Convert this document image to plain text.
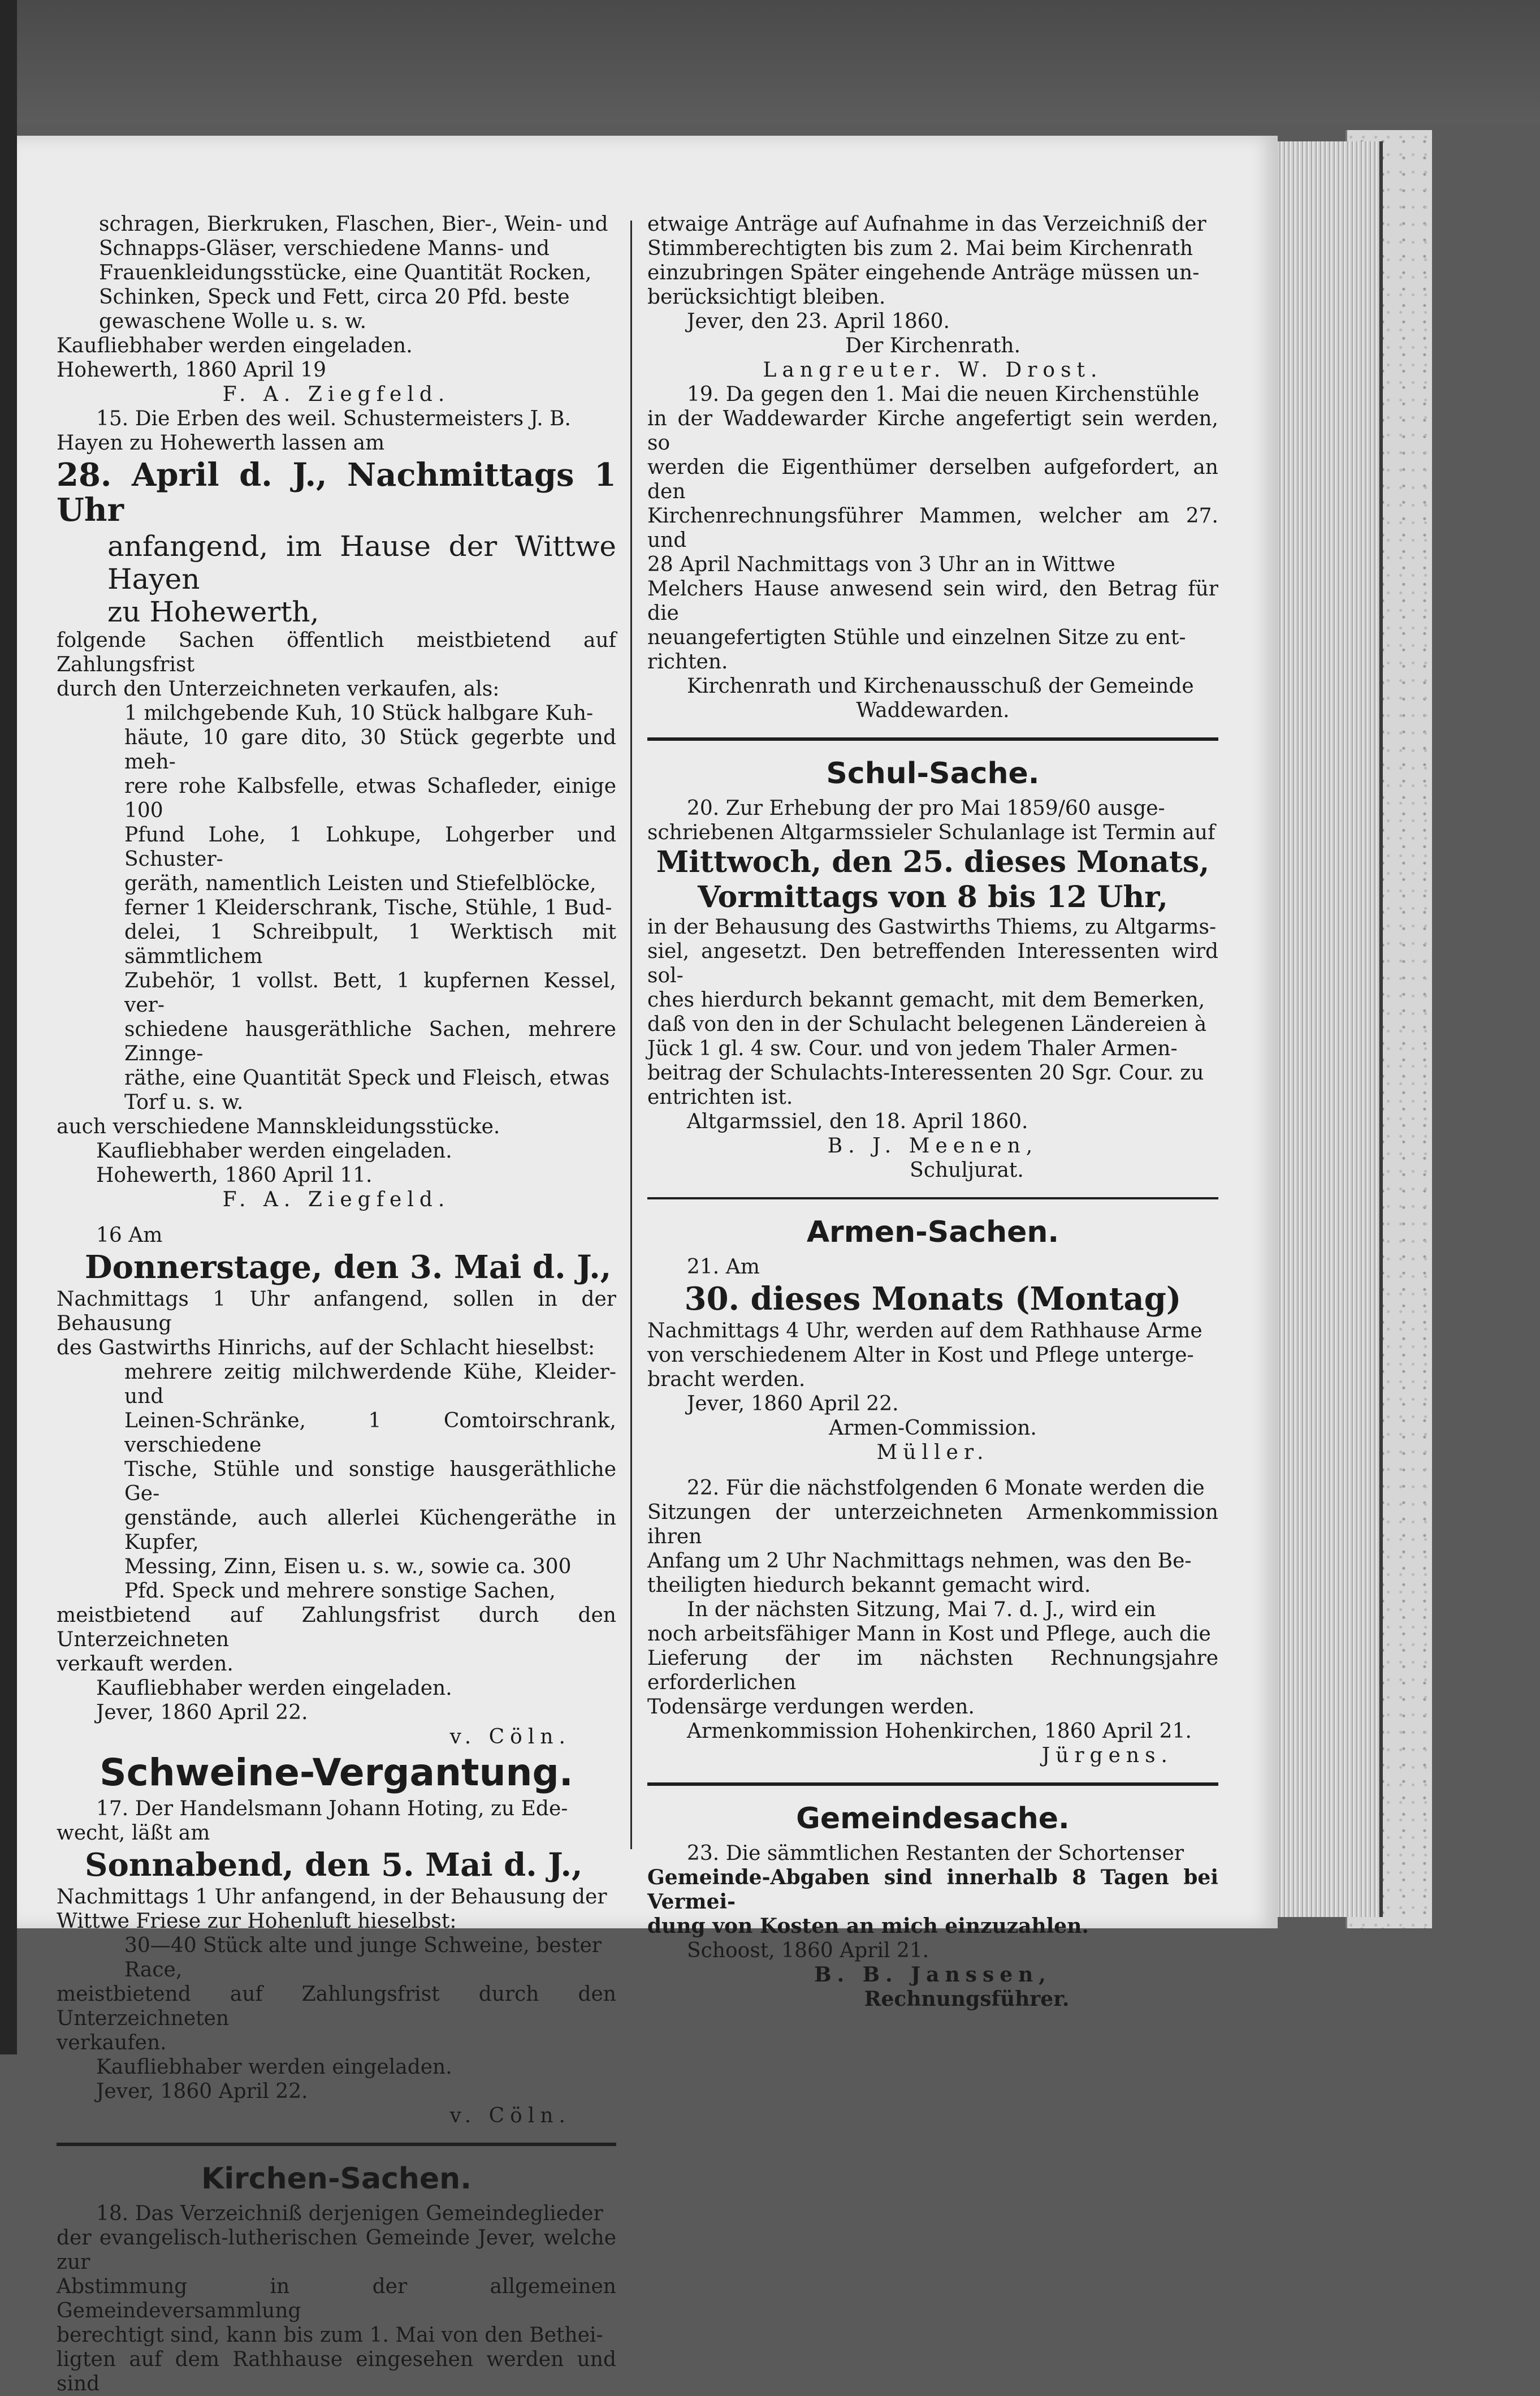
schragen, Bierkruken, Flaschen, Bier-, Wein- und

Schnapps-Gläser, verschiedene Manns- und

Frauenkleidungsstücke, eine Quantität Rocken,

Schinken, Speck und Fett, circa 20 Pfd. beste

gewaschene Wolle u. s. w.

Kaufliebhaber werden eingeladen.

Hohewerth, 1860 April 19

F. A. Ziegfeld.

15. Die Erben des weil. Schustermeisters J. B.

Hayen zu Hohewerth lassen am

28. April d. J., Nachmittags 1 Uhr

anfangend, im Hause der Wittwe Hayen

zu Hohewerth,

folgende Sachen öffentlich meistbietend auf Zahlungsfrist

durch den Unterzeichneten verkaufen, als:

1 milchgebende Kuh, 10 Stück halbgare Kuh-

häute, 10 gare dito, 30 Stück gegerbte und meh-

rere rohe Kalbsfelle, etwas Schafleder, einige 100

Pfund Lohe, 1 Lohkupe, Lohgerber und Schuster-

geräth, namentlich Leisten und Stiefelblöcke,

ferner 1 Kleiderschrank, Tische, Stühle, 1 Bud-

delei, 1 Schreibpult, 1 Werktisch mit sämmtlichem

Zubehör, 1 vollst. Bett, 1 kupfernen Kessel, ver-

schiedene hausgeräthliche Sachen, mehrere Zinnge-

räthe, eine Quantität Speck und Fleisch, etwas

Torf u. s. w.

auch verschiedene Mannskleidungsstücke.

Kaufliebhaber werden eingeladen.

Hohewerth, 1860 April 11.

F. A. Ziegfeld.

16 Am

Donnerstage, den 3. Mai d. J.,

Nachmittags 1 Uhr anfangend, sollen in der Behausung

des Gastwirths Hinrichs, auf der Schlacht hieselbst:

mehrere zeitig milchwerdende Kühe, Kleider- und

Leinen-Schränke, 1 Comtoirschrank, verschiedene

Tische, Stühle und sonstige hausgeräthliche Ge-

genstände, auch allerlei Küchengeräthe in Kupfer,

Messing, Zinn, Eisen u. s. w., sowie ca. 300

Pfd. Speck und mehrere sonstige Sachen,

meistbietend auf Zahlungsfrist durch den Unterzeichneten

verkauft werden.

Kaufliebhaber werden eingeladen.

Jever, 1860 April 22.

v. Cöln.

Schweine-Vergantung.

17. Der Handelsmann Johann Hoting, zu Ede-

wecht, läßt am

Sonnabend, den 5. Mai d. J.,

Nachmittags 1 Uhr anfangend, in der Behausung der

Wittwe Friese zur Hohenluft hieselbst:

30—40 Stück alte und junge Schweine, bester

Race,

meistbietend auf Zahlungsfrist durch den Unterzeichneten

verkaufen.

Kaufliebhaber werden eingeladen.

Jever, 1860 April 22.

v. Cöln.

Kirchen-Sachen.

18. Das Verzeichniß derjenigen Gemeindeglieder

der evangelisch-lutherischen Gemeinde Jever, welche zur

Abstimmung in der allgemeinen Gemeindeversammlung

berechtigt sind, kann bis zum 1. Mai von den Bethei-

ligten auf dem Rathhause eingesehen werden und sind

etwaige Anträge auf Aufnahme in das Verzeichniß der

Stimmberechtigten bis zum 2. Mai beim Kirchenrath

einzubringen Später eingehende Anträge müssen un-

berücksichtigt bleiben.

Jever, den 23. April 1860.

Der Kirchenrath.

Langreuter. W. Drost.

19. Da gegen den 1. Mai die neuen Kirchenstühle

in der Waddewarder Kirche angefertigt sein werden, so

werden die Eigenthümer derselben aufgefordert, an den

Kirchenrechnungsführer Mammen, welcher am 27. und

28 April Nachmittags von 3 Uhr an in Wittwe

Melchers Hause anwesend sein wird, den Betrag für die

neuangefertigten Stühle und einzelnen Sitze zu ent-

richten.

Kirchenrath und Kirchenausschuß der Gemeinde

Waddewarden.

Schul-Sache.

20. Zur Erhebung der pro Mai 1859/60 ausge-

schriebenen Altgarmssieler Schulanlage ist Termin auf

Mittwoch, den 25. dieses Monats,

Vormittags von 8 bis 12 Uhr,

in der Behausung des Gastwirths Thiems, zu Altgarms-

siel, angesetzt. Den betreffenden Interessenten wird sol-

ches hierdurch bekannt gemacht, mit dem Bemerken,

daß von den in der Schulacht belegenen Ländereien à

Jück 1 gl. 4 sw. Cour. und von jedem Thaler Armen-

beitrag der Schulachts-Interessenten 20 Sgr. Cour. zu

entrichten ist.

Altgarmssiel, den 18. April 1860.

B. J. Meenen,

Schuljurat.

Armen-Sachen.

21. Am

30. dieses Monats (Montag)

Nachmittags 4 Uhr, werden auf dem Rathhause Arme

von verschiedenem Alter in Kost und Pflege unterge-

bracht werden.

Jever, 1860 April 22.

Armen-Commission.

Müller.

22. Für die nächstfolgenden 6 Monate werden die

Sitzungen der unterzeichneten Armenkommission ihren

Anfang um 2 Uhr Nachmittags nehmen, was den Be-

theiligten hiedurch bekannt gemacht wird.

In der nächsten Sitzung, Mai 7. d. J., wird ein

noch arbeitsfähiger Mann in Kost und Pflege, auch die

Lieferung der im nächsten Rechnungsjahre erforderlichen

Todensärge verdungen werden.

Armenkommission Hohenkirchen, 1860 April 21.

Jürgens.

Gemeindesache.

23. Die sämmtlichen Restanten der Schortenser

Gemeinde-Abgaben sind innerhalb 8 Tagen bei Vermei-

dung von Kosten an mich einzuzahlen.

Schoost, 1860 April 21.

B. B. Janssen,

Rechnungsführer.
